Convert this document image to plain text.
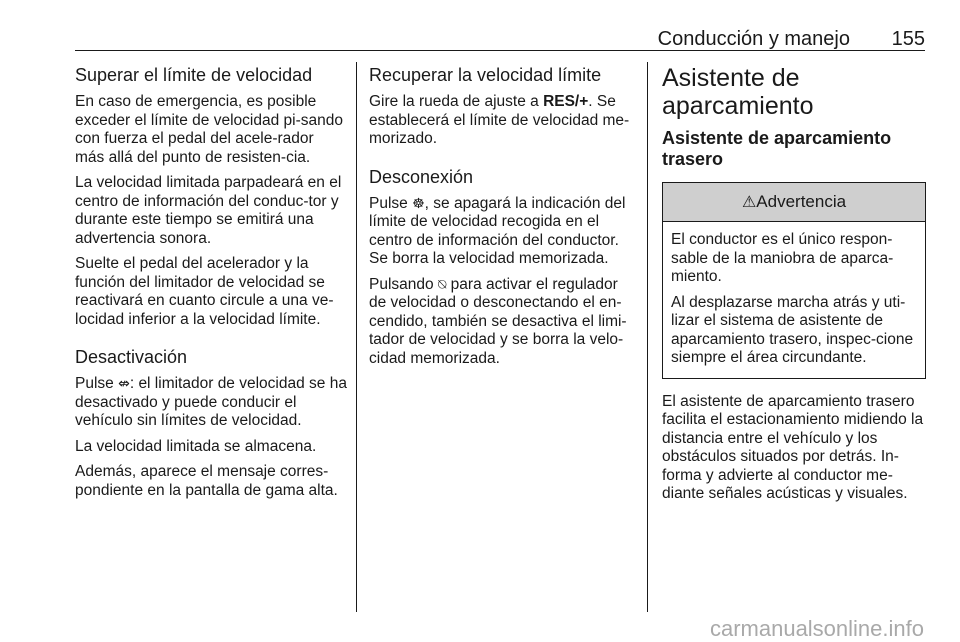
Conducción y manejo 155
Superar el límite de velocidad

En caso de emergencia, es posible exceder el límite de velocidad pi-sando con fuerza el pedal del acele-rador más allá del punto de resisten-cia.

La velocidad limitada parpadeará en el centro de información del conduc-tor y durante este tiempo se emitirá una advertencia sonora.

Suelte el pedal del acelerador y la función del limitador de velocidad se reactivará en cuanto circule a una ve-locidad inferior a la velocidad límite.

Desactivación

Pulse ⇎: el limitador de velocidad se ha desactivado y puede conducir el vehículo sin límites de velocidad.

La velocidad limitada se almacena.

Además, aparece el mensaje corres-pondiente en la pantalla de gama alta.

Recuperar la velocidad límite

Gire la rueda de ajuste a RES/+. Se establecerá el límite de velocidad me-morizado.

Desconexión

Pulse ☸, se apagará la indicación del límite de velocidad recogida en el centro de información del conductor. Se borra la velocidad memorizada.

Pulsando ⍉ para activar el regulador de velocidad o desconectando el en-cendido, también se desactiva el limi-tador de velocidad y se borra la velo-cidad memorizada.

Asistente de aparcamiento
Asistente de aparcamiento trasero
⚠Advertencia

El conductor es el único respon-sable de la maniobra de aparca-miento.

Al desplazarse marcha atrás y uti-lizar el sistema de asistente de aparcamiento trasero, inspec-cione siempre el área circundante.

El asistente de aparcamiento trasero facilita el estacionamiento midiendo la distancia entre el vehículo y los obstáculos situados por detrás. In-forma y advierte al conductor me-diante señales acústicas y visuales.

carmanualsonline.info
